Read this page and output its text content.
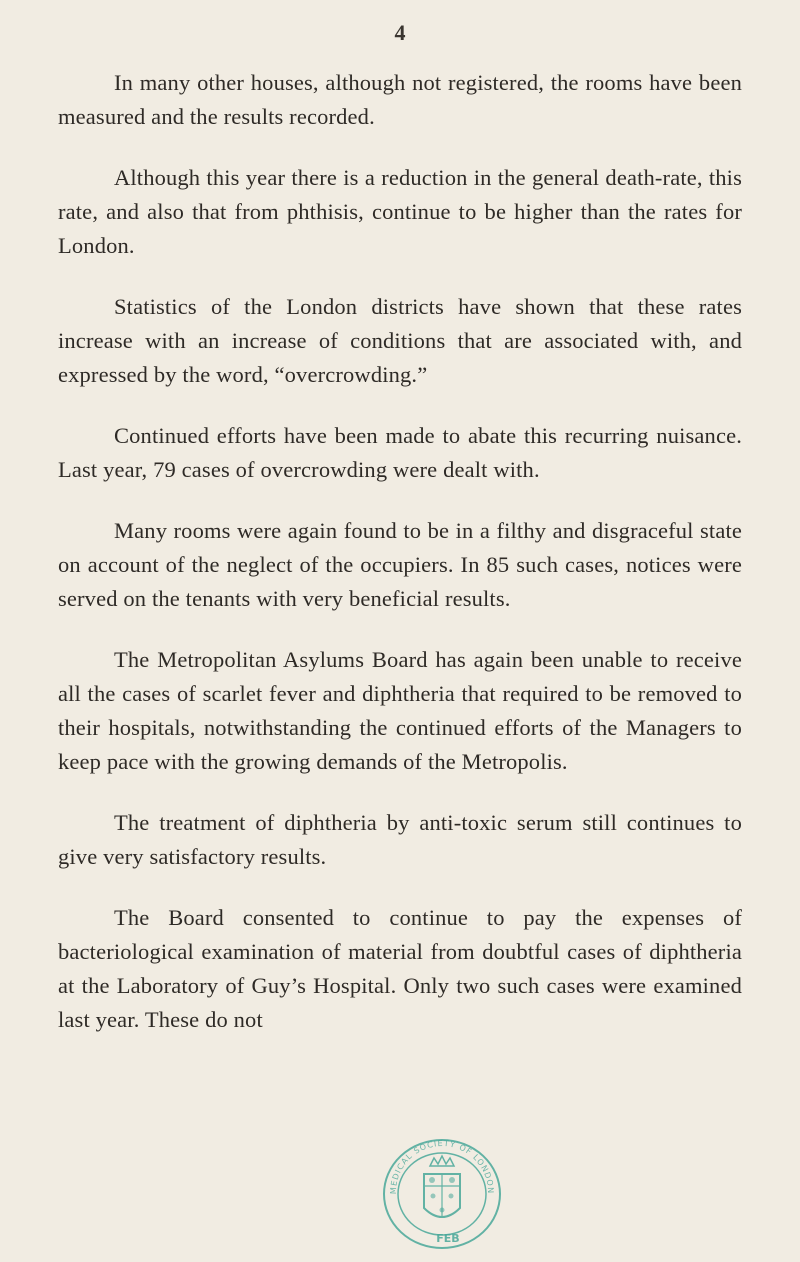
4

In many other houses, although not registered, the rooms have been measured and the results recorded.

Although this year there is a reduction in the general death-rate, this rate, and also that from phthisis, continue to be higher than the rates for London.

Statistics of the London districts have shown that these rates increase with an increase of conditions that are associated with, and expressed by the word, “overcrowding.”

Continued efforts have been made to abate this recurring nuisance. Last year, 79 cases of overcrowding were dealt with.

Many rooms were again found to be in a filthy and disgraceful state on account of the neglect of the occupiers. In 85 such cases, notices were served on the tenants with very beneficial results.

The Metropolitan Asylums Board has again been unable to receive all the cases of scarlet fever and diphtheria that required to be removed to their hospitals, notwithstanding the continued efforts of the Managers to keep pace with the growing demands of the Metropolis.

The treatment of diphtheria by anti-toxic serum still continues to give very satisfactory results.

The Board consented to continue to pay the expenses of bacteriological examination of material from doubtful cases of diphtheria at the Laboratory of Guy’s Hospital. Only two such cases were examined last year. These do not

MEDICAL SOCIETY OF LONDON
FEB
